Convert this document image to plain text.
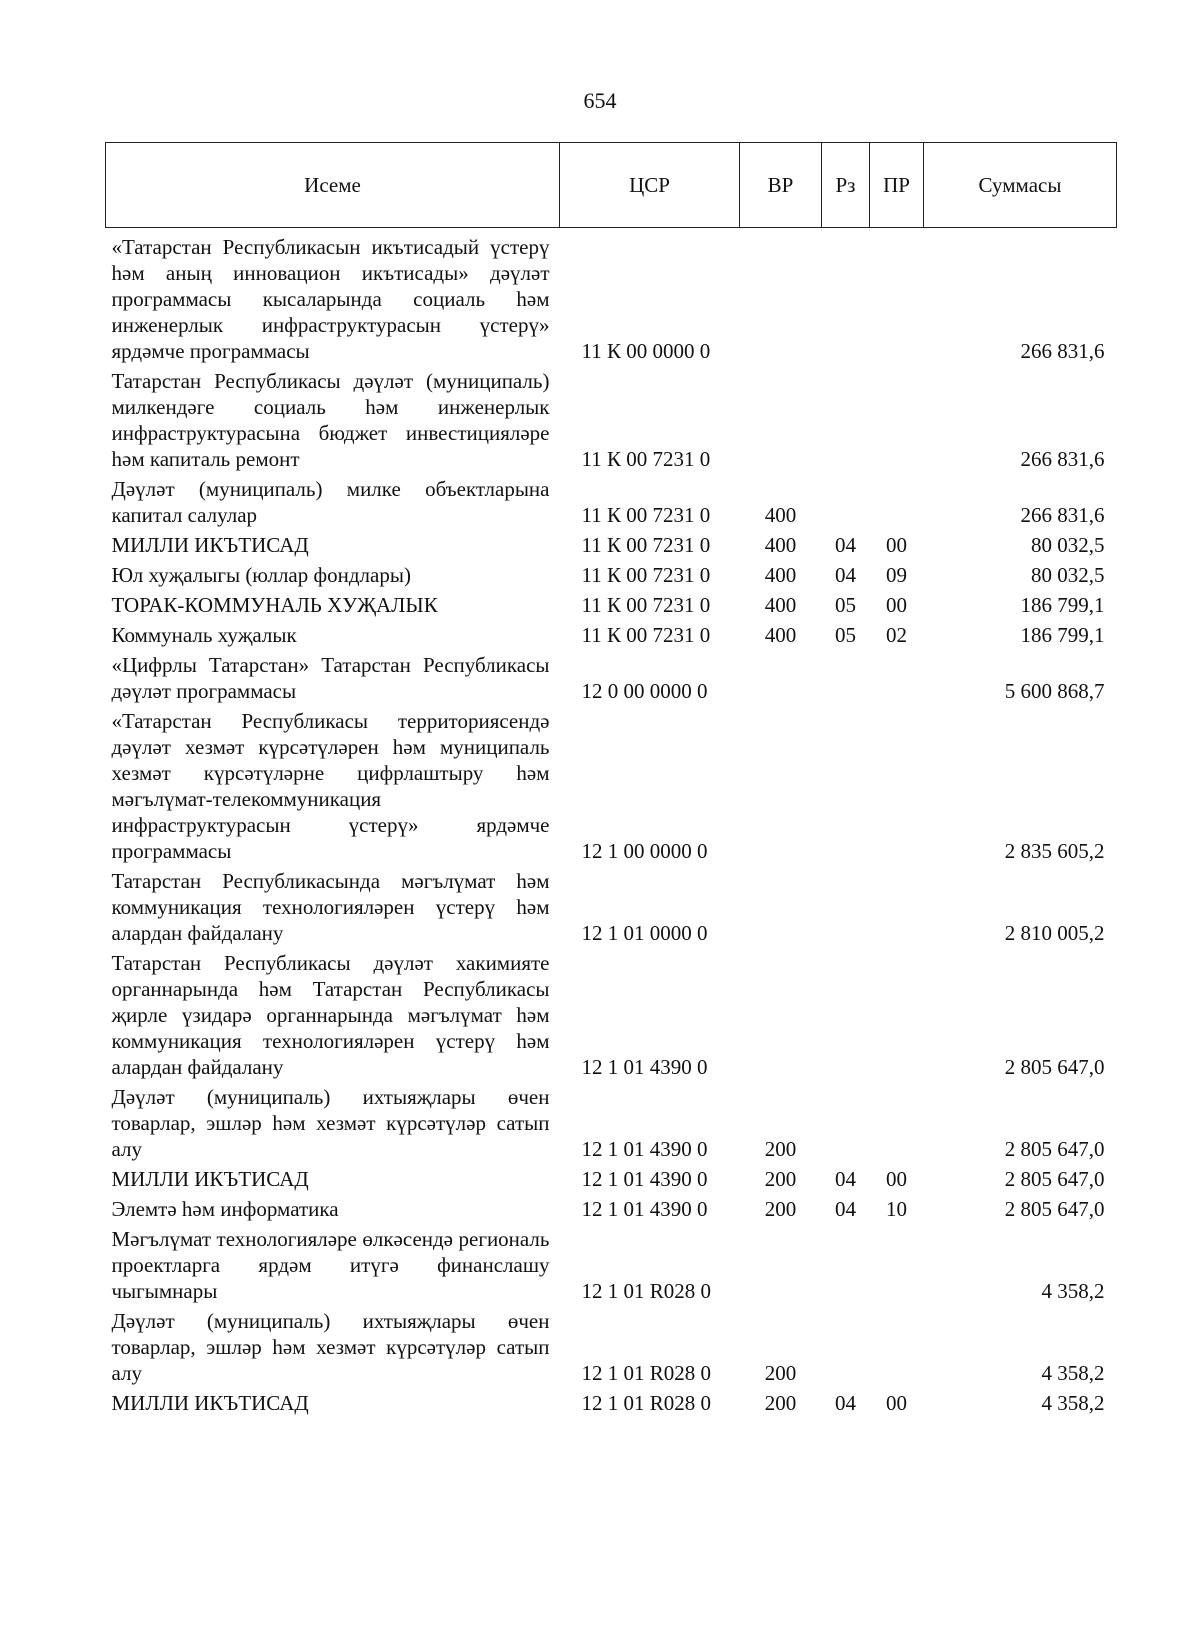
654
Исеме	ЦСР	ВР	Рз	ПР	Суммасы
«Татарстан Республикасын икътисадый үстерү һәм аның инновацион икътисады» дәүләт программасы кысаларында социаль һәм инженерлык инфраструктурасын үстерү» ярдәмче программасы	11 К 00 0000 0				266 831,6
Татарстан Республикасы дәүләт (муниципаль) милкендәге социаль һәм инженерлык инфраструктурасына бюджет инвестицияләре һәм капиталь ремонт	11 К 00 7231 0				266 831,6
Дәүләт (муниципаль) милке объектларына капитал салулар	11 К 00 7231 0	400			266 831,6
МИЛЛИ ИКЪТИСАД	11 К 00 7231 0	400	04	00	80 032,5
Юл хуҗалыгы (юллар фондлары)	11 К 00 7231 0	400	04	09	80 032,5
ТОРАК-КОММУНАЛЬ ХУҖАЛЫК	11 К 00 7231 0	400	05	00	186 799,1
Коммуналь хуҗалык	11 К 00 7231 0	400	05	02	186 799,1
«Цифрлы Татарстан» Татарстан Республикасы дәүләт программасы	12 0 00 0000 0				5 600 868,7
«Татарстан Республикасы территориясендә дәүләт хезмәт күрсәтүләрен һәм муниципаль хезмәт күрсәтүләрне цифрлаштыру һәм мәгълүмат-телекоммуникация инфраструктурасын үстерү» ярдәмче программасы	12 1 00 0000 0				2 835 605,2
Татарстан Республикасында мәгълүмат һәм коммуникация технологияләрен үстерү һәм алардан файдалану	12 1 01 0000 0				2 810 005,2
Татарстан Республикасы дәүләт хакимияте органнарында һәм Татарстан Республикасы җирле үзидарә органнарында мәгълүмат һәм коммуникация технологияләрен үстерү һәм алардан файдалану	12 1 01 4390 0				2 805 647,0
Дәүләт (муниципаль) ихтыяҗлары өчен товарлар, эшләр һәм хезмәт күрсәтүләр сатып алу	12 1 01 4390 0	200			2 805 647,0
МИЛЛИ ИКЪТИСАД	12 1 01 4390 0	200	04	00	2 805 647,0
Элемтә һәм информатика	12 1 01 4390 0	200	04	10	2 805 647,0
Мәгълүмат технологияләре өлкәсендә региональ проектларга ярдәм итүгә финанслашу чыгымнары	12 1 01 R028 0				4 358,2
Дәүләт (муниципаль) ихтыяҗлары өчен товарлар, эшләр һәм хезмәт күрсәтүләр сатып алу	12 1 01 R028 0	200			4 358,2
МИЛЛИ ИКЪТИСАД	12 1 01 R028 0	200	04	00	4 358,2
